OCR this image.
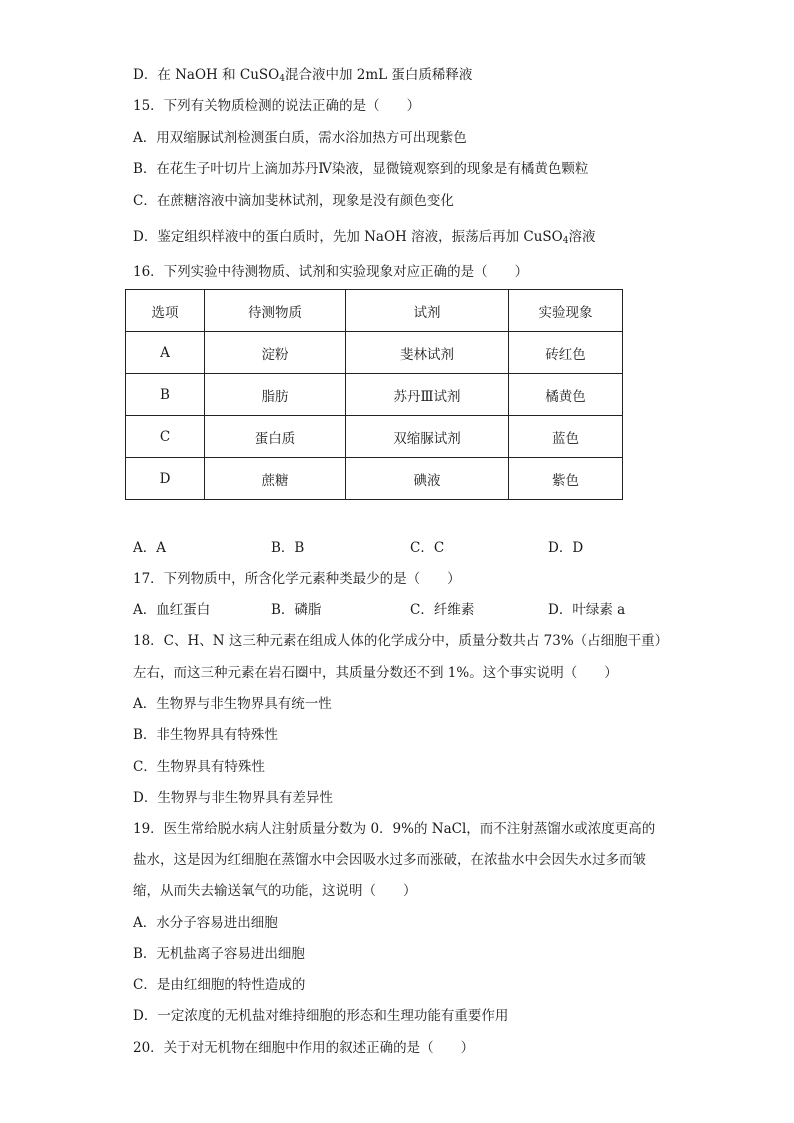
D．在 NaOH 和 CuSO$_4$混合液中加 2mL 蛋白质稀释液
15．下列有关物质检测的说法正确的是（　　）
A．用双缩脲试剂检测蛋白质，需水浴加热方可出现紫色
B．在花生子叶切片上滴加苏丹Ⅳ染液，显微镜观察到的现象是有橘黄色颗粒
C．在蔗糖溶液中滴加斐林试剂，现象是没有颜色变化
D．鉴定组织样液中的蛋白质时，先加 NaOH 溶液，振荡后再加 CuSO$_4$溶液
16．下列实验中待测物质、试剂和实验现象对应正确的是（　　）
选项	待测物质	试剂	实验现象
A	淀粉	斐林试剂	砖红色
B	脂肪	苏丹Ⅲ试剂	橘黄色
C	蛋白质	双缩脲试剂	蓝色
D	蔗糖	碘液	紫色
A．A	B．B	C．C	D．D
17．下列物质中，所含化学元素种类最少的是（　　）
A．血红蛋白	B．磷脂	C．纤维素	D．叶绿素 a
18．C、H、N 这三种元素在组成人体的化学成分中，质量分数共占 73%（占细胞干重）
左右，而这三种元素在岩石圈中，其质量分数还不到 1%。这个事实说明（　　）
A．生物界与非生物界具有统一性
B．非生物界具有特殊性
C．生物界具有特殊性
D．生物界与非生物界具有差异性
19．医生常给脱水病人注射质量分数为 0．9%的 NaCl，而不注射蒸馏水或浓度更高的
盐水，这是因为红细胞在蒸馏水中会因吸水过多而涨破，在浓盐水中会因失水过多而皱
缩，从而失去输送氧气的功能，这说明（　　）
A．水分子容易进出细胞
B．无机盐离子容易进出细胞
C．是由红细胞的特性造成的
D．一定浓度的无机盐对维持细胞的形态和生理功能有重要作用
20．关于对无机物在细胞中作用的叙述正确的是（　　）
